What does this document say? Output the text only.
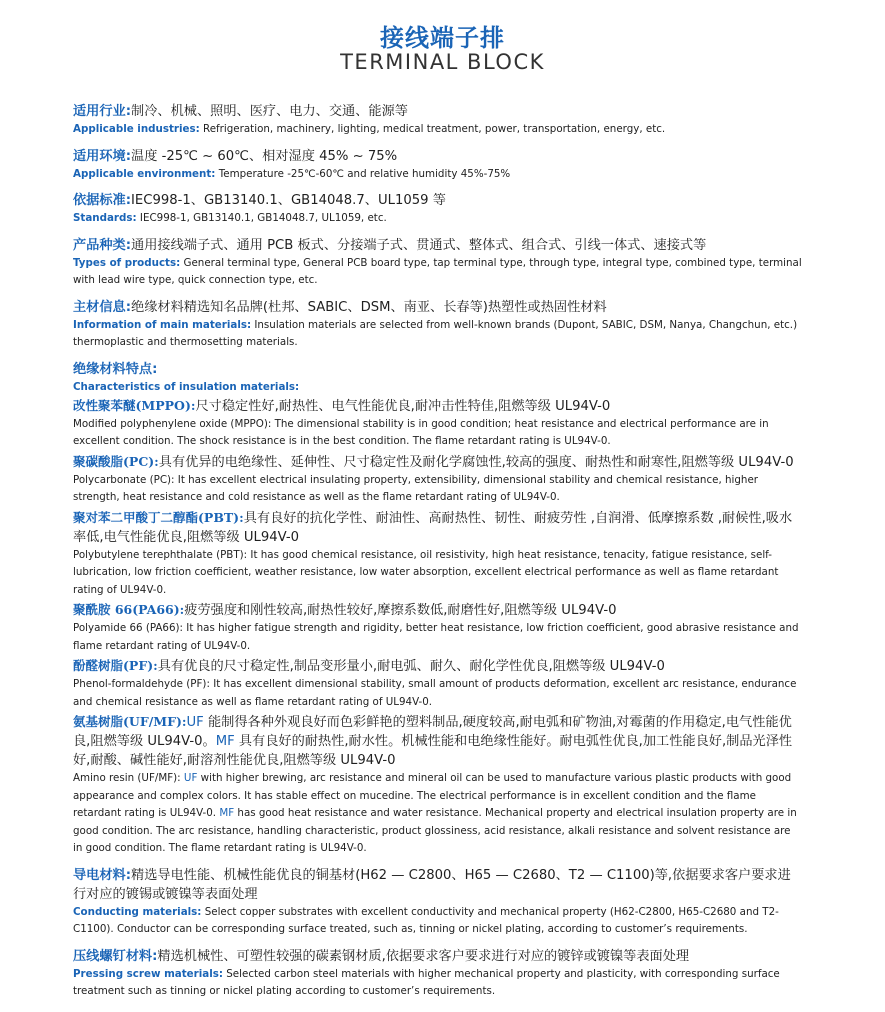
接线端子排
TERMINAL BLOCK
适用行业:制冷、机械、照明、医疗、电力、交通、能源等
Applicable industries: Refrigeration, machinery, lighting, medical treatment, power, transportation, energy, etc.
适用环境:温度 -25℃ ~ 60℃、相对湿度 45% ~ 75%
Applicable environment: Temperature -25℃-60℃ and relative humidity 45%-75%
依据标准:IEC998-1、GB13140.1、GB14048.7、UL1059 等
Standards: IEC998-1, GB13140.1, GB14048.7, UL1059, etc.
产品种类:通用接线端子式、通用 PCB 板式、分接端子式、贯通式、整体式、组合式、引线一体式、速接式等
Types of products: General terminal type, General PCB board type, tap terminal type, through type, integral type, combined type, terminal with lead wire type, quick connection type, etc.
主材信息:绝缘材料精选知名品牌(杜邦、SABIC、DSM、南亚、长春等)热塑性或热固性材料
Information of main materials: Insulation materials are selected from well-known brands (Dupont, SABIC, DSM, Nanya, Changchun, etc.) thermoplastic and thermosetting materials.
绝缘材料特点:
Characteristics of insulation materials:
改性聚苯醚(MPPO):尺寸稳定性好,耐热性、电气性能优良,耐冲击性特佳,阻燃等级 UL94V-0
Modified polyphenylene oxide (MPPO): The dimensional stability is in good condition; heat resistance and electrical performance are in excellent condition. The shock resistance is in the best condition. The flame retardant rating is UL94V-0.
聚碳酸脂(PC):具有优异的电绝缘性、延伸性、尺寸稳定性及耐化学腐蚀性,较高的强度、耐热性和耐寒性,阻燃等级 UL94V-0
Polycarbonate (PC): It has excellent electrical insulating property, extensibility, dimensional stability and chemical resistance, higher strength, heat resistance and cold resistance as well as the flame retardant rating of UL94V-0.
聚对苯二甲酸丁二醇酯(PBT):具有良好的抗化学性、耐油性、高耐热性、韧性、耐疲劳性 ,自润滑、低摩擦系数 ,耐候性,吸水率低,电气性能优良,阻燃等级 UL94V-0
Polybutylene terephthalate (PBT): It has good chemical resistance, oil resistivity, high heat resistance, tenacity, fatigue resistance, self-lubrication, low friction coefficient, weather resistance, low water absorption, excellent electrical performance as well as flame retardant rating of UL94V-0.
聚酰胺 66(PA66):疲劳强度和刚性较高,耐热性较好,摩擦系数低,耐磨性好,阻燃等级 UL94V-0
Polyamide 66 (PA66): It has higher fatigue strength and rigidity, better heat resistance, low friction coefficient, good abrasive resistance and flame retardant rating of UL94V-0.
酚醛树脂(PF):具有优良的尺寸稳定性,制品变形量小,耐电弧、耐久、耐化学性优良,阻燃等级 UL94V-0
Phenol-formaldehyde (PF): It has excellent dimensional stability, small amount of products deformation, excellent arc resistance, endurance and chemical resistance as well as flame retardant rating of UL94V-0.
氨基树脂(UF/MF):UF 能制得各种外观良好而色彩鲜艳的塑料制品,硬度较高,耐电弧和矿物油,对霉菌的作用稳定,电气性能优良,阻燃等级 UL94V-0。MF 具有良好的耐热性,耐水性。机械性能和电绝缘性能好。耐电弧性优良,加工性能良好,制品光泽性好,耐酸、碱性能好,耐溶剂性能优良,阻燃等级 UL94V-0
Amino resin (UF/MF): UF with higher brewing, arc resistance and mineral oil can be used to manufacture various plastic products with good appearance and complex colors. It has stable effect on mucedine. The electrical performance is in excellent condition and the flame retardant rating is UL94V-0. MF has good heat resistance and water resistance. Mechanical property and electrical insulation property are in good condition. The arc resistance, handling characteristic, product glossiness, acid resistance, alkali resistance and solvent resistance are in good condition. The flame retardant rating is UL94V-0.
导电材料:精选导电性能、机械性能优良的铜基材(H62 — C2800、H65 — C2680、T2 — C1100)等,依据要求客户要求进行对应的镀锡或镀镍等表面处理
Conducting materials: Select copper substrates with excellent conductivity and mechanical property (H62-C2800, H65-C2680 and T2-C1100). Conductor can be corresponding surface treated, such as, tinning or nickel plating, according to customer’s requirements.
压线螺钉材料:精选机械性、可塑性较强的碳素钢材质,依据要求客户要求进行对应的镀锌或镀镍等表面处理
Pressing screw materials: Selected carbon steel materials with higher mechanical property and plasticity, with corresponding surface treatment such as tinning or nickel plating according to customer’s requirements.
